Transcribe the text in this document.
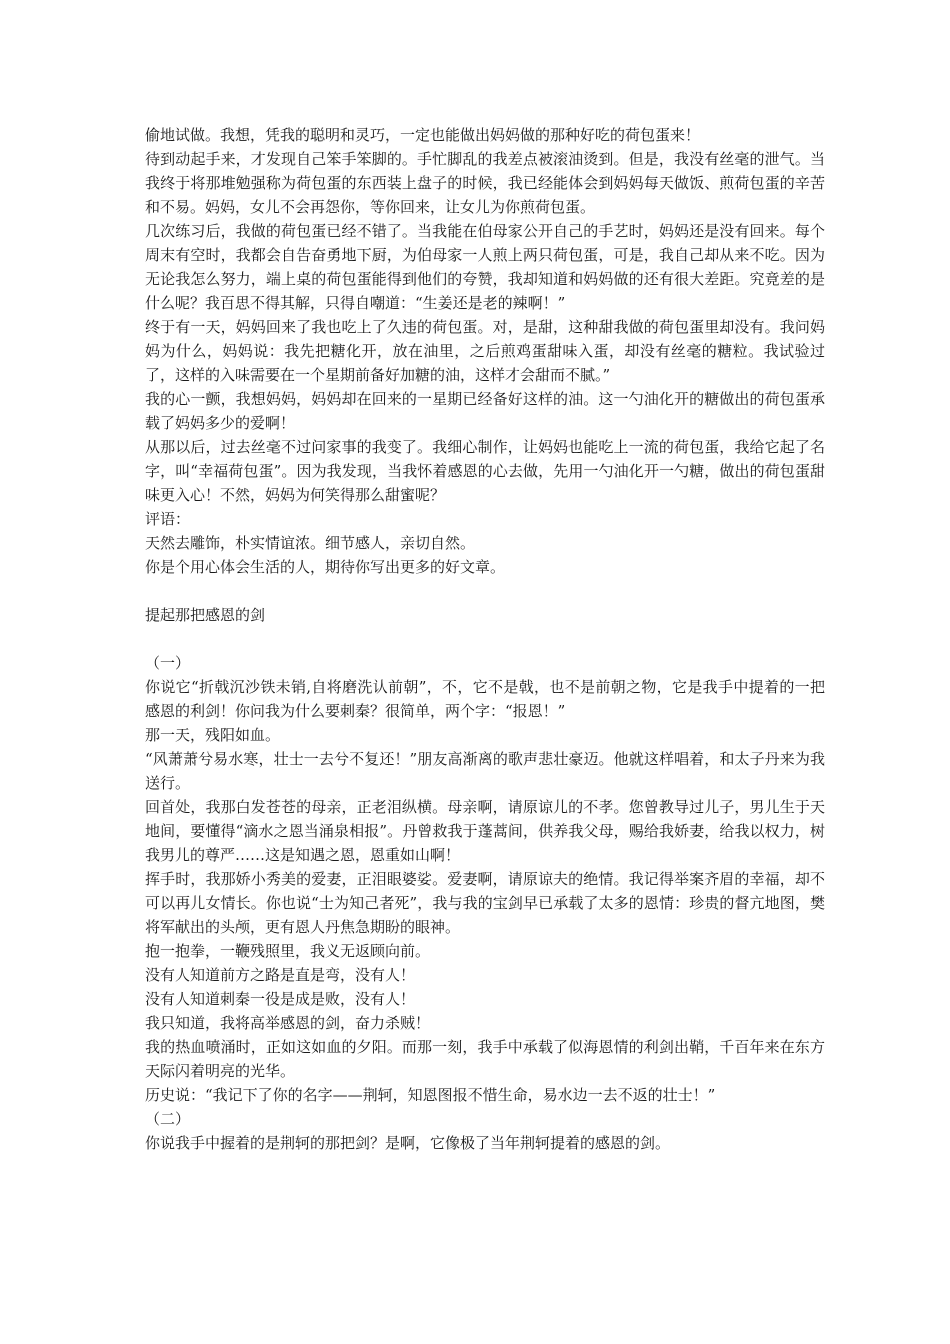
偷地试做。我想，凭我的聪明和灵巧，一定也能做出妈妈做的那种好吃的荷包蛋来！

待到动起手来，才发现自己笨手笨脚的。手忙脚乱的我差点被滚油烫到。但是，我没有丝毫的泄气。当我终于将那堆勉强称为荷包蛋的东西装上盘子的时候，我已经能体会到妈妈每天做饭、煎荷包蛋的辛苦和不易。妈妈，女儿不会再怨你，等你回来，让女儿为你煎荷包蛋。

几次练习后，我做的荷包蛋已经不错了。当我能在伯母家公开自己的手艺时，妈妈还是没有回来。每个周末有空时，我都会自告奋勇地下厨，为伯母家一人煎上两只荷包蛋，可是，我自己却从来不吃。因为无论我怎么努力，端上桌的荷包蛋能得到他们的夸赞，我却知道和妈妈做的还有很大差距。究竟差的是什么呢？我百思不得其解，只得自嘲道：“生姜还是老的辣啊！”

终于有一天，妈妈回来了我也吃上了久违的荷包蛋。对，是甜，这种甜我做的荷包蛋里却没有。我问妈妈为什么，妈妈说：我先把糖化开，放在油里，之后煎鸡蛋甜味入蛋，却没有丝毫的糖粒。我试验过了，这样的入味需要在一个星期前备好加糖的油，这样才会甜而不腻。”

我的心一颤，我想妈妈，妈妈却在回来的一星期已经备好这样的油。这一勺油化开的糖做出的荷包蛋承载了妈妈多少的爱啊！

从那以后，过去丝毫不过问家事的我变了。我细心制作，让妈妈也能吃上一流的荷包蛋，我给它起了名字，叫“幸福荷包蛋”。因为我发现，当我怀着感恩的心去做，先用一勺油化开一勺糖，做出的荷包蛋甜味更入心！不然，妈妈为何笑得那么甜蜜呢？

评语：

天然去雕饰，朴实情谊浓。细节感人，亲切自然。

你是个用心体会生活的人，期待你写出更多的好文章。

提起那把感恩的剑

（一）

你说它“折戟沉沙铁未销,自将磨洗认前朝”，不，它不是戟，也不是前朝之物，它是我手中提着的一把感恩的利剑！你问我为什么要刺秦？很简单，两个字：“报恩！”

那一天，残阳如血。

“风萧萧兮易水寒，壮士一去兮不复还！”朋友高渐离的歌声悲壮豪迈。他就这样唱着，和太子丹来为我送行。

回首处，我那白发苍苍的母亲，正老泪纵横。母亲啊，请原谅儿的不孝。您曾教导过儿子，男儿生于天地间，要懂得“滴水之恩当涌泉相报”。丹曾救我于蓬蒿间，供养我父母，赐给我娇妻，给我以权力，树我男儿的尊严……这是知遇之恩，恩重如山啊！

挥手时，我那娇小秀美的爱妻，正泪眼婆娑。爱妻啊，请原谅夫的绝情。我记得举案齐眉的幸福，却不可以再儿女情长。你也说“士为知己者死”，我与我的宝剑早已承载了太多的恩情：珍贵的督亢地图，樊将军献出的头颅，更有恩人丹焦急期盼的眼神。

抱一抱拳，一鞭残照里，我义无返顾向前。

没有人知道前方之路是直是弯，没有人！

没有人知道刺秦一役是成是败，没有人！

我只知道，我将高举感恩的剑，奋力杀贼！

我的热血喷涌时，正如这如血的夕阳。而那一刻，我手中承载了似海恩情的利剑出鞘，千百年来在东方天际闪着明亮的光华。

历史说：“我记下了你的名字——荆轲，知恩图报不惜生命，易水边一去不返的壮士！”

（二）

你说我手中握着的是荆轲的那把剑？是啊，它像极了当年荆轲提着的感恩的剑。
